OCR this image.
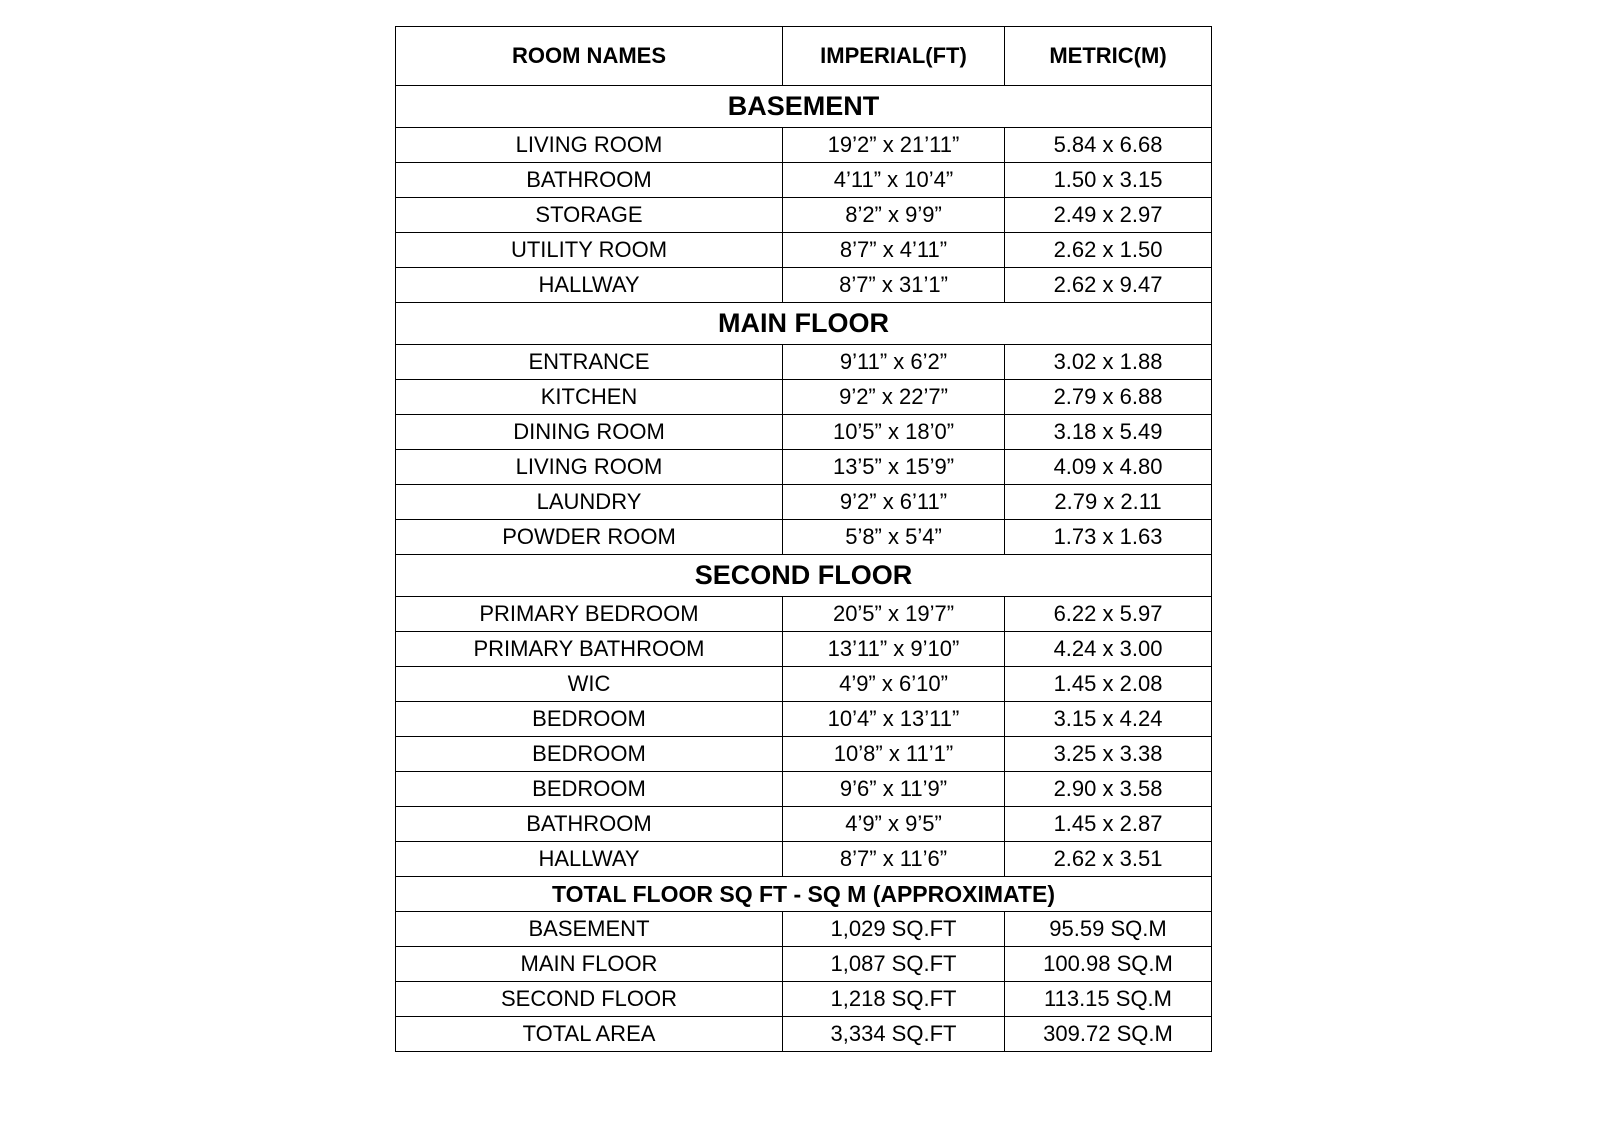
ROOM NAMES	IMPERIAL(FT)	METRIC(M)
BASEMENT		
LIVING ROOM	19’2” x 21’11”	5.84 x 6.68
BATHROOM	4’11” x 10’4”	1.50 x 3.15
STORAGE	8’2” x 9’9”	2.49 x 2.97
UTILITY ROOM	8’7” x 4’11”	2.62 x 1.50
HALLWAY	8’7” x 31’1”	2.62 x 9.47
MAIN FLOOR		
ENTRANCE	9’11” x 6’2”	3.02 x 1.88
KITCHEN	9’2” x 22’7”	2.79 x 6.88
DINING ROOM	10’5” x 18’0”	3.18 x 5.49
LIVING ROOM	13’5” x 15’9”	4.09 x 4.80
LAUNDRY	9’2” x 6’11”	2.79 x 2.11
POWDER ROOM	5’8” x 5’4”	1.73 x 1.63
SECOND FLOOR		
PRIMARY BEDROOM	20’5” x 19’7”	6.22 x 5.97
PRIMARY BATHROOM	13’11” x 9’10”	4.24 x 3.00
WIC	4’9” x 6’10”	1.45 x 2.08
BEDROOM	10’4” x 13’11”	3.15 x 4.24
BEDROOM	10’8” x 11’1”	3.25 x 3.38
BEDROOM	9’6” x 11’9”	2.90 x 3.58
BATHROOM	4’9” x 9’5”	1.45 x 2.87
HALLWAY	8’7” x 11’6”	2.62 x 3.51
TOTAL FLOOR SQ FT - SQ M (APPROXIMATE)		
BASEMENT	1,029 SQ.FT	95.59 SQ.M
MAIN FLOOR	1,087 SQ.FT	100.98 SQ.M
SECOND FLOOR	1,218 SQ.FT	113.15 SQ.M
TOTAL AREA	3,334 SQ.FT	309.72 SQ.M
